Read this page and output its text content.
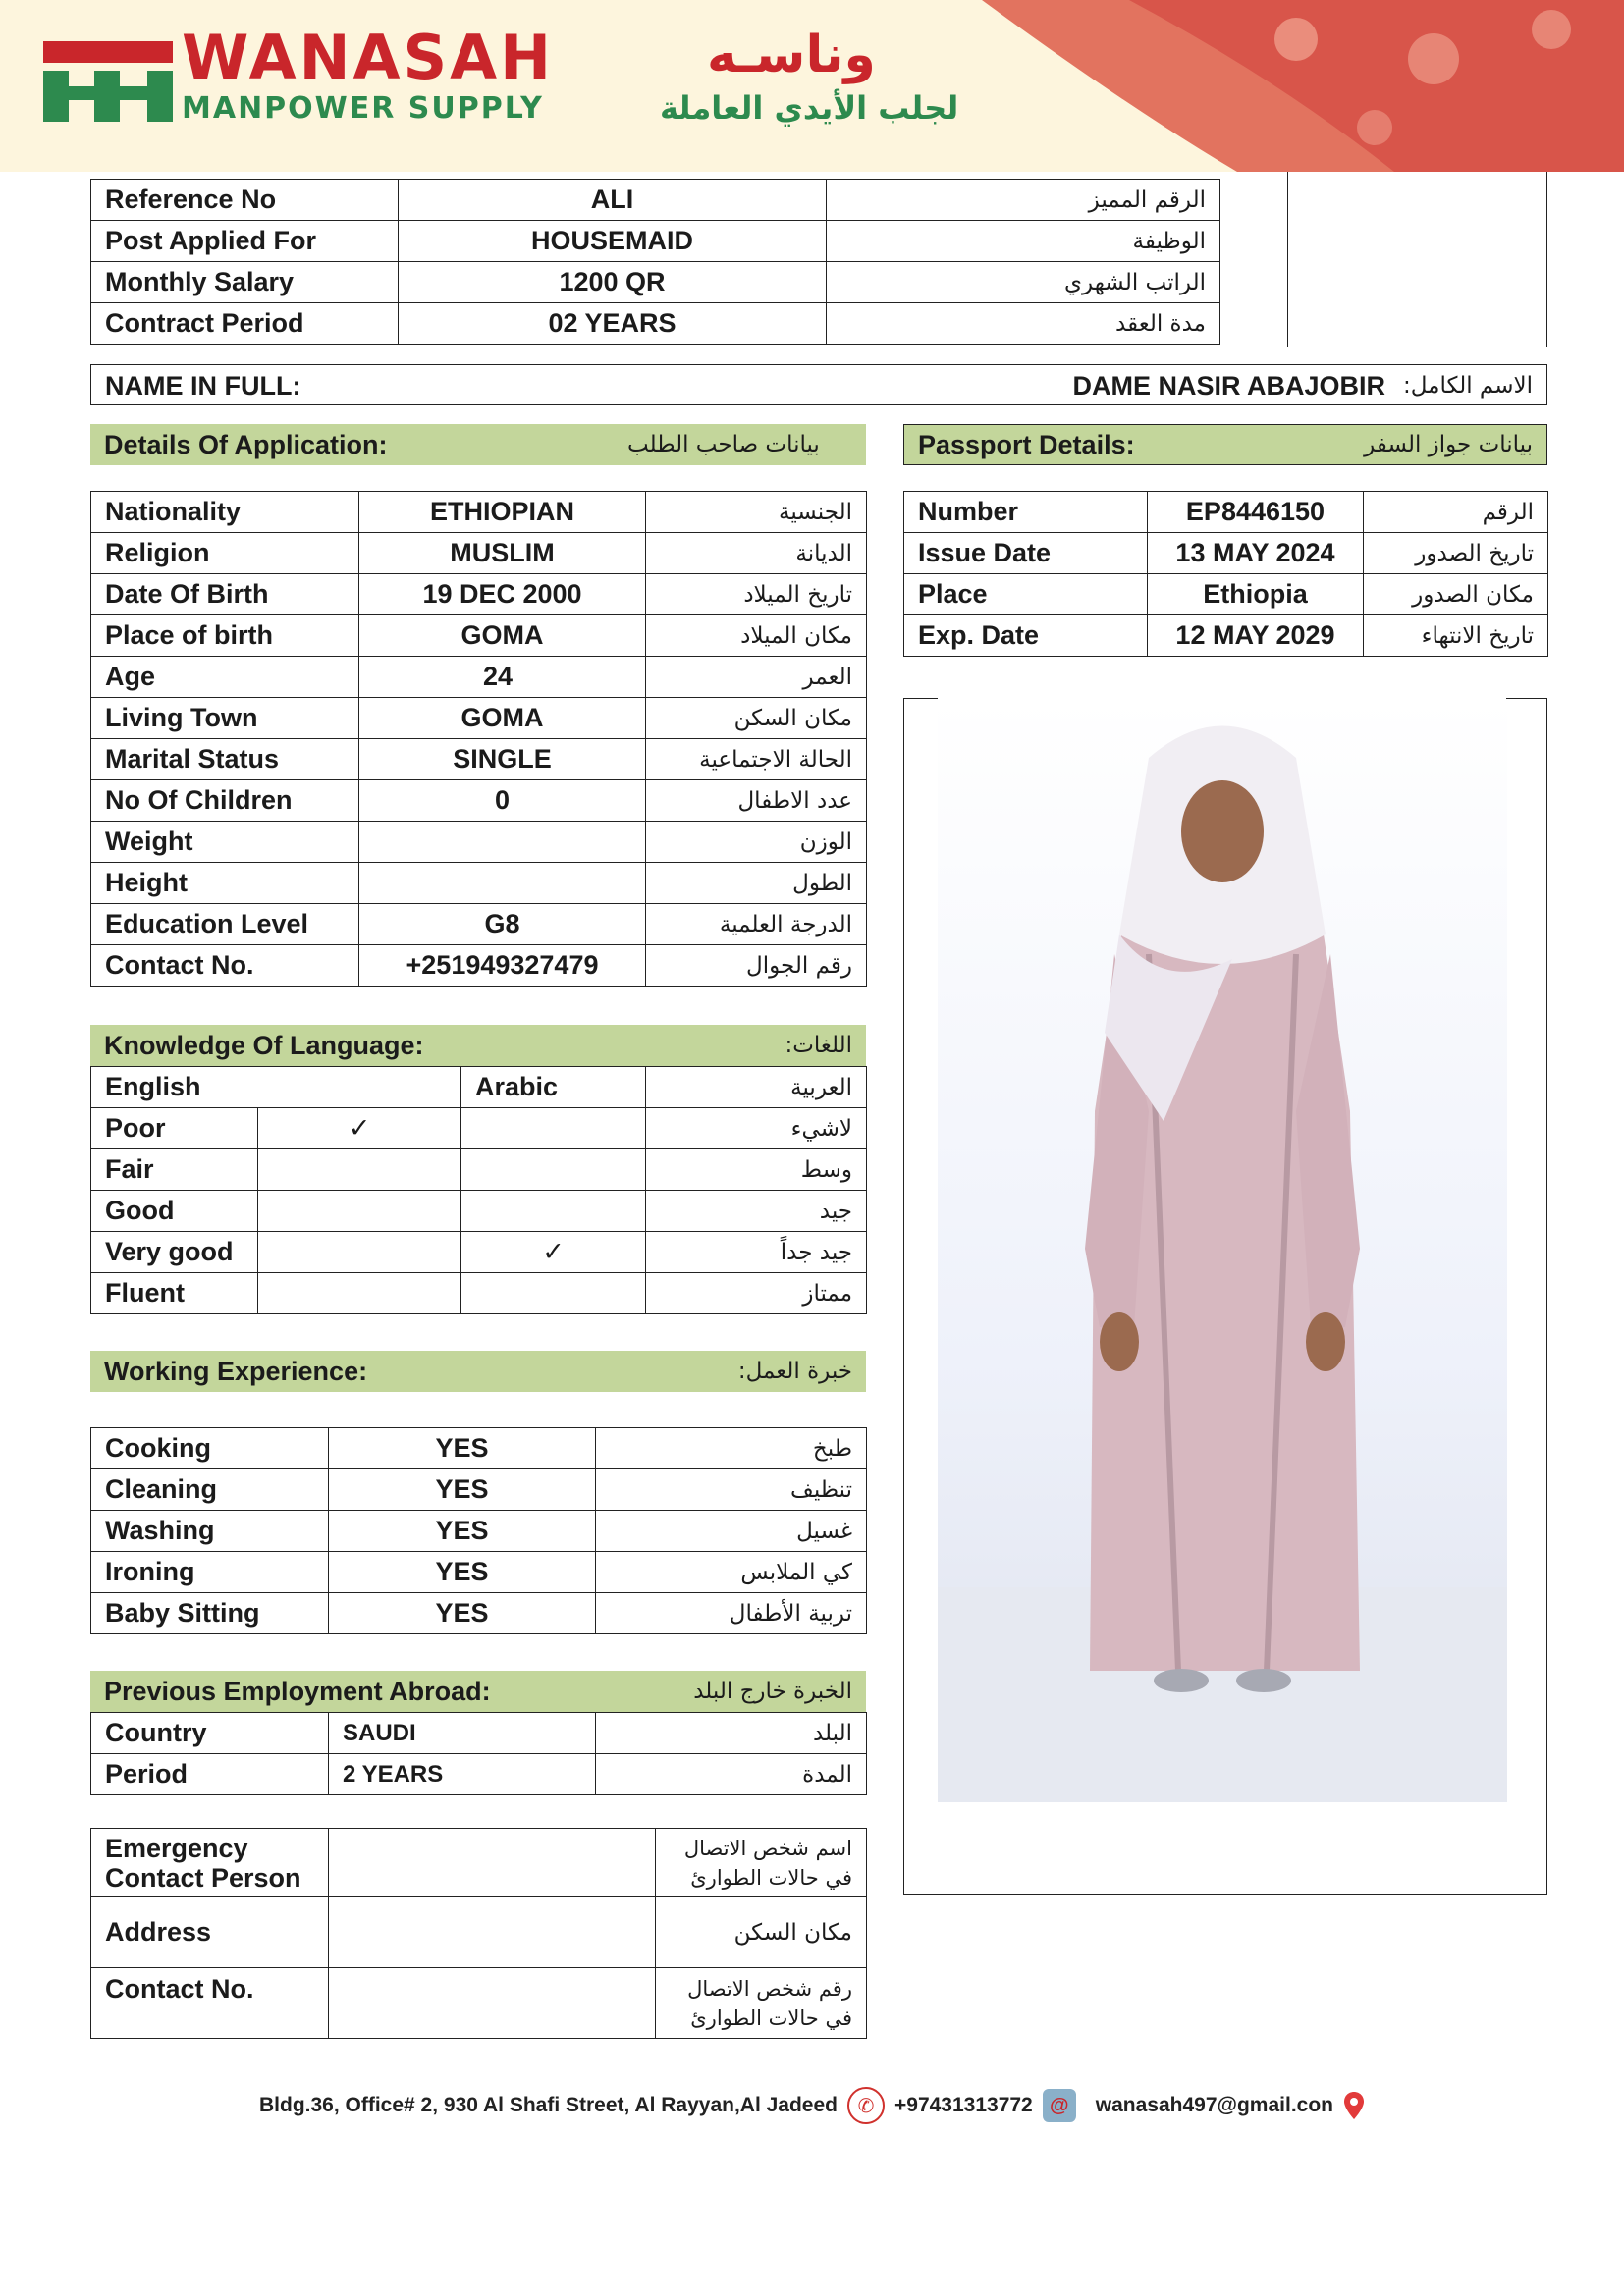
WANASAH	وناسـه
MANPOWER SUPPLY	لجلب الأيدي العاملة
Reference No	ALI	الرقم المميز
Post Applied For	HOUSEMAID	الوظيفة
Monthly Salary	1200 QR	الراتب الشهري
Contract Period	02 YEARS	مدة العقد
NAME IN FULL:	DAME NASIR ABAJOBIR الاسم الكامل:
Details Of Application:	بيانات صاحب الطلب
Nationality	ETHIOPIAN	الجنسية
Religion	MUSLIM	الديانة
Date Of Birth	19 DEC 2000	تاريخ الميلاد
Place of birth	GOMA	مكان الميلاد
Age	24	العمر
Living Town	GOMA	مكان السكن
Marital Status	SINGLE	الحالة الاجتماعية
No Of Children	0	عدد الاطفال
Weight		الوزن
Height		الطول
Education Level	G8	الدرجة العلمية
Contact No.	+251949327479	رقم الجوال
Passport Details:	بيانات جواز السفر
Number	EP8446150	الرقم
Issue Date	13 MAY 2024	تاريخ الصدور
Place	Ethiopia	مكان الصدور
Exp. Date	12 MAY 2029	تاريخ الانتهاء
Knowledge Of Language:	اللغات:
English		Arabic	العربية
Poor	✓		لاشيء
Fair			وسط
Good			جيد
Very good		✓	جيد جداً
Fluent			ممتاز
Working Experience:	خبرة العمل:
Cooking	YES	طبخ
Cleaning	YES	تنظيف
Washing	YES	غسيل
Ironing	YES	كي الملابس
Baby Sitting	YES	تربية الأطفال
Previous Employment Abroad:	الخبرة خارج البلد
Country	SAUDI	البلد
Period	2 YEARS	المدة
Emergency Contact Person		اسم شخص الاتصال في حالات الطوارئ
Address		مكان السكن
Contact No.		رقم شخص الاتصال في حالات الطوارئ
Bldg.36, Office# 2, 930 Al Shafi Street, Al Rayyan,Al Jadeed	✆ +97431313772 @	wanasah497@gmail.con
